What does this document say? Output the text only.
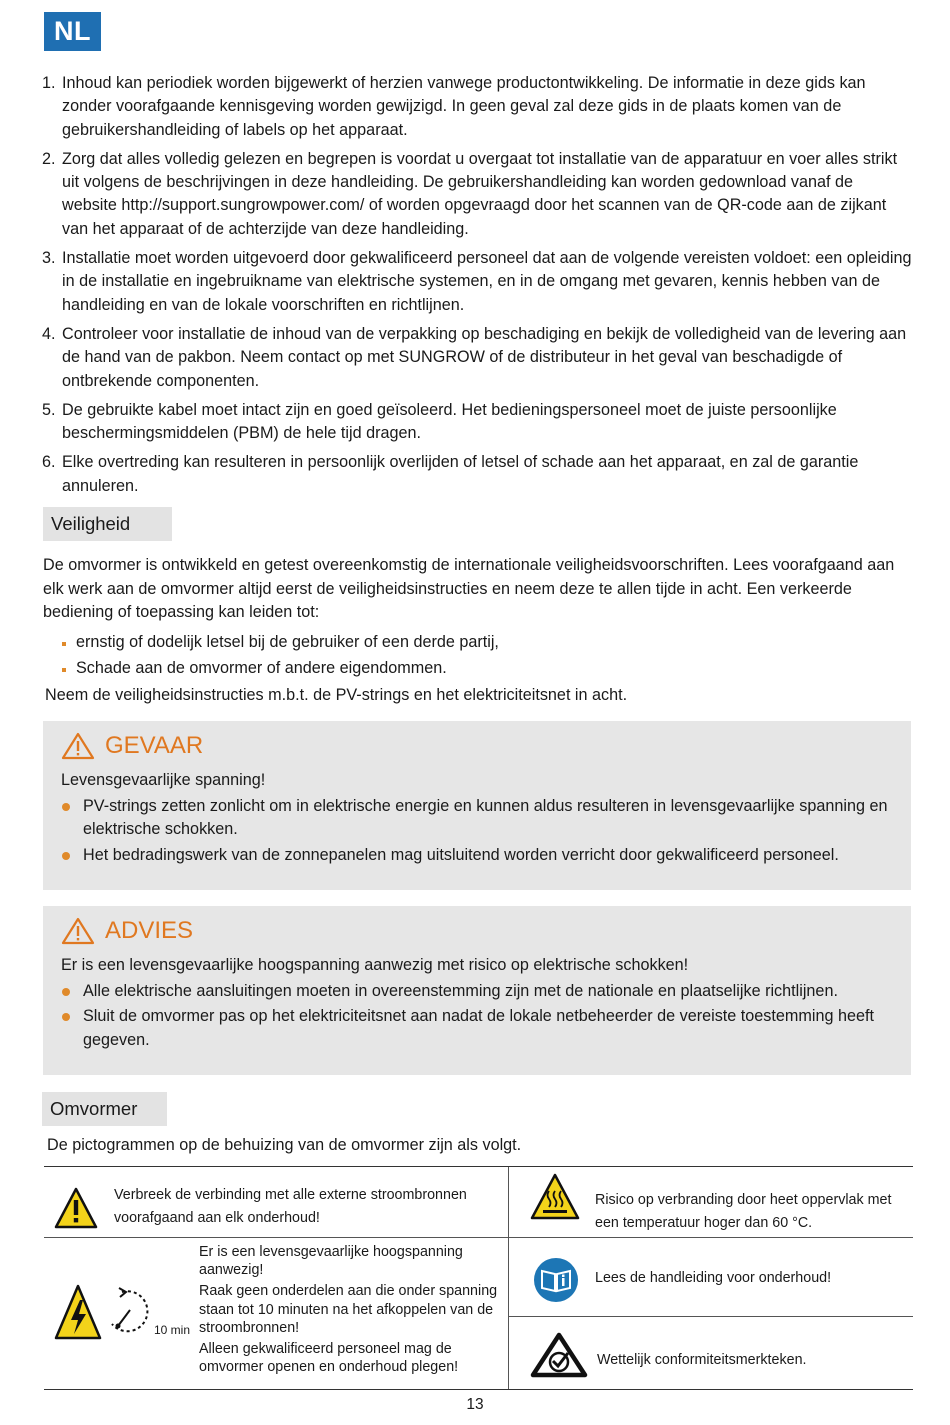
NL
1. Inhoud kan periodiek worden bijgewerkt of herzien vanwege productontwikkeling. De informatie in deze gids kan zonder voorafgaande kennisgeving worden gewijzigd. In geen geval zal deze gids in de plaats komen van de gebruikershandleiding of labels op het apparaat.
2. Zorg dat alles volledig gelezen en begrepen is voordat u overgaat tot installatie van de apparatuur en voer alles strikt uit volgens de beschrijvingen in deze handleiding. De gebruikershandleiding kan worden gedownload vanaf de website http://support.sungrowpower.com/ of worden opgevraagd door het scannen van de QR-code aan de zijkant van het apparaat of de achterzijde van deze handleiding.
3. Installatie moet worden uitgevoerd door gekwalificeerd personeel dat aan de volgende vereisten voldoet: een opleiding in de installatie en ingebruikname van elektrische systemen, en in de omgang met gevaren, kennis hebben van de handleiding en van de lokale voorschriften en richtlijnen.
4. Controleer voor installatie de inhoud van de verpakking op beschadiging en bekijk de volledigheid van de levering aan de hand van de pakbon. Neem contact op met SUNGROW of de distributeur in het geval van beschadigde of ontbrekende componenten.
5. De gebruikte kabel moet intact zijn en goed geïsoleerd. Het bedieningspersoneel moet de juiste persoonlijke beschermingsmiddelen (PBM) de hele tijd dragen.
6. Elke overtreding kan resulteren in persoonlijk overlijden of letsel of schade aan het apparaat, en zal de garantie annuleren.
Veiligheid
De omvormer is ontwikkeld en getest overeenkomstig de internationale veiligheidsvoorschriften. Lees voorafgaand aan elk werk aan de omvormer altijd eerst de veiligheidsinstructies en neem deze te allen tijde in acht. Een verkeerde bediening of toepassing kan leiden tot:
ernstig of dodelijk letsel bij de gebruiker of een derde partij,
Schade aan de omvormer of andere eigendommen.
Neem de veiligheidsinstructies m.b.t. de PV-strings en het elektriciteitsnet in acht.
GEVAAR
Levensgevaarlijke spanning!
PV-strings zetten zonlicht om in elektrische energie en kunnen aldus resulteren in levensgevaarlijke spanning en elektrische schokken.
Het bedradingswerk van de zonnepanelen mag uitsluitend worden verricht door gekwalificeerd personeel.
ADVIES
Er is een levensgevaarlijke hoogspanning aanwezig met risico op elektrische schokken!
Alle elektrische aansluitingen moeten in overeenstemming zijn met de nationale en plaatselijke richtlijnen.
Sluit de omvormer pas op het elektriciteitsnet aan nadat de lokale netbeheerder de vereiste toestemming heeft gegeven.
Omvormer
De pictogrammen op de behuizing van de omvormer zijn als volgt.
Verbreek de verbinding met alle externe stroombronnen voorafgaand aan elk onderhoud!
Risico op verbranding door heet oppervlak met een temperatuur hoger dan 60 °C.
10 min
Er is een levensgevaarlijke hoogspanning aanwezig!
Raak geen onderdelen aan die onder spanning staan tot 10 minuten na het afkoppelen van de stroombronnen!
Alleen gekwalificeerd personeel mag de omvormer openen en onderhoud plegen!
Lees de handleiding voor onderhoud!
Wettelijk conformiteitsmerkteken.
13
